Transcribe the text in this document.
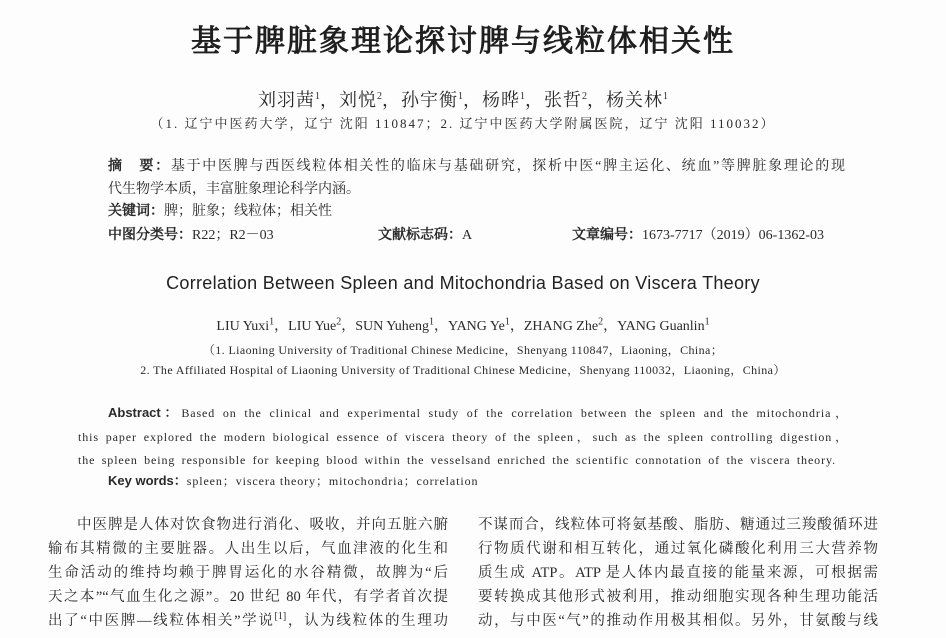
基于脾脏象理论探讨脾与线粒体相关性
刘羽茜$^1$，刘悦$^2$，孙宇衡$^1$，杨晔$^1$，张哲$^2$，杨关林$^1$
（1. 辽宁中医药大学，辽宁 沈阳 110847；2. 辽宁中医药大学附属医院，辽宁 沈阳 110032）
摘　要：基于中医脾与西医线粒体相关性的临床与基础研究，探析中医“脾主运化、统血”等脾脏象理论的现
代生物学本质，丰富脏象理论科学内涵。
关键词：脾；脏象；线粒体；相关性
中图分类号：R22；R2－03	文献标志码：A	文章编号：1673-7717（2019）06-1362-03
Correlation Between Spleen and Mitochondria Based on Viscera Theory
LIU Yuxi$^1$，LIU Yue$^2$，SUN Yuheng$^1$，YANG Ye$^1$，ZHANG Zhe$^2$，YANG Guanlin$^1$
（1. Liaoning University of Traditional Chinese Medicine，Shenyang 110847，Liaoning，China；
2. The Affiliated Hospital of Liaoning University of Traditional Chinese Medicine，Shenyang 110032，Liaoning，China）
Abstract：Based on the clinical and experimental study of the correlation between the spleen and the mitochondria，
this paper explored the modern biological essence of viscera theory of the spleen，such as the spleen controlling digestion，
the spleen being responsible for keeping blood within the vesselsand enriched the scientific connotation of the viscera theory.
Key words：spleen；viscera theory；mitochondria；correlation
中医脾是人体对饮食物进行消化、吸收，并向五脏六腑
输布其精微的主要脏器。人出生以后，气血津液的化生和
生命活动的维持均赖于脾胃运化的水谷精微，故脾为“后
天之本”“气血生化之源”。20 世纪 80 年代，有学者首次提
出了“中医脾—线粒体相关”学说[1]，认为线粒体的生理功
不谋而合，线粒体可将氨基酸、脂肪、糖通过三羧酸循环进
行物质代谢和相互转化，通过氧化磷酸化利用三大营养物
质生成 ATP。ATP 是人体内最直接的能量来源，可根据需
要转换成其他形式被利用，推动细胞实现各种生理功能活
动，与中医“气”的推动作用极其相似。另外，甘氨酸与线
